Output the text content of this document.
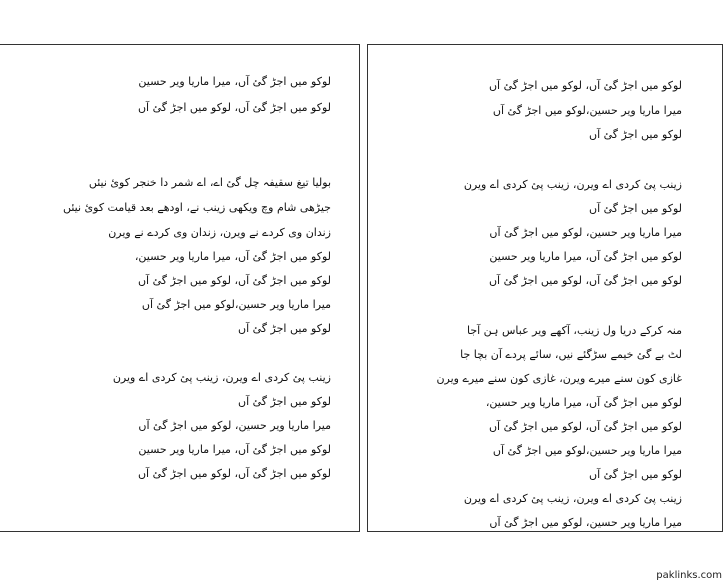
لوکو میں اجڑ گئ آں، میرا ماریا ویر حسین
لوکو میں اجڑ گئ آں، لوکو میں اجڑ گئ آں
بولیا تیغ سقیفہ چل گئ اے، اے شمر دا خنجر کوئ نیئں
جیڑھی شام وچ ویکھی زینب نے، اودھے بعد قیامت کوئ نیئں
زندان وی کردے نے ویرن، زندان وی کردے نے ویرن
لوکو میں اجڑ گئ آں، میرا ماریا ویر حسین،
لوکو میں اجڑ گئ آں، لوکو میں اجڑ گئ آں
میرا ماریا ویر حسین،لوکو میں اجڑ گئ آں
لوکو میں اجڑ گئ آں
زینب پئ کردی اے ویرن، زینب پئ کردی اے ویرن
لوکو میں اجڑ گئ آں
میرا ماریا ویر حسین، لوکو میں اجڑ گئ آں
لوکو میں اجڑ گئ آں، میرا ماریا ویر حسین
لوکو میں اجڑ گئ آں، لوکو میں اجڑ گئ آں
لوکو میں اجڑ گئ آں، لوکو میں اجڑ گئ آں
میرا ماریا ویر حسین،لوکو میں اجڑ گئ آں
لوکو میں اجڑ گئ آں
زینب پئ کردی اے ویرن، زینب پئ کردی اے ویرن
لوکو میں اجڑ گئ آں
میرا ماریا ویر حسین، لوکو میں اجڑ گئ آں
لوکو میں اجڑ گئ آں، میرا ماریا ویر حسین
لوکو میں اجڑ گئ آں، لوکو میں اجڑ گئ آں
منہ کرکے دریا ول زینب، آکھے ویر عباس ہن آجا
لٹ بے گئ خیمے سڑگئے نیں، سائے پردے آن بچا جا
غازی کون سنے میرے ویرن، غازی کون سنے میرے ویرن
لوکو میں اجڑ گئ آں، میرا ماریا ویر حسین،
لوکو میں اجڑ گئ آں، لوکو میں اجڑ گئ آں
میرا ماریا ویر حسین،لوکو میں اجڑ گئ آں
لوکو میں اجڑ گئ آں
زینب پئ کردی اے ویرن، زینب پئ کردی اے ویرن
میرا ماریا ویر حسین، لوکو میں اجڑ گئ آں
paklinks.com
